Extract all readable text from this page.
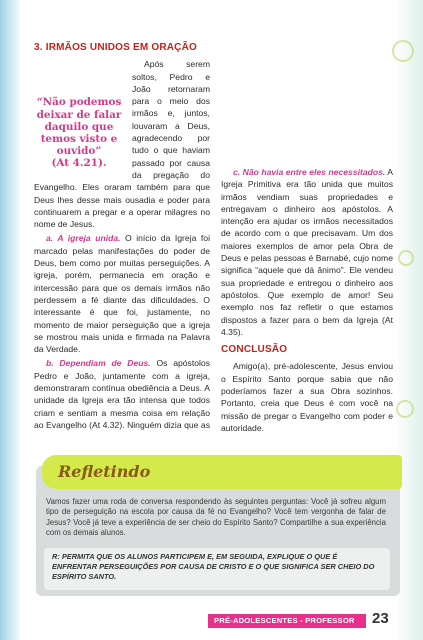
3. IRMÃOS UNIDOS EM ORAÇÃO
“Não podemos deixar de falar daquilo que temos visto e ouvido”
(At 4.21).

Após serem soltos, Pedro e João retornaram para o meio dos irmãos e, juntos, louvaram a Deus, agradecendo por tudo o que haviam passado por causa da pregação do Evangelho. Eles oraram também para que Deus lhes desse mais ousadia e poder para continuarem a pregar e a operar milagres no nome de Jesus.

a. A igreja unida. O início da Igreja foi marcado pelas manifestações do poder de Deus, bem como por muitas perseguições. A igreja, porém, permanecia em oração e intercessão para que os demais irmãos não perdessem a fé diante das dificuldades. O interessante é que foi, justamente, no momento de maior perseguição que a igreja se mostrou mais unida e firmada na Palavra da Verdade.

b. Dependiam de Deus. Os apóstolos Pedro e João, juntamente com a igreja, demonstraram contínua obediência a Deus. A unidade da Igreja era tão intensa que todos criam e sentiam a mesma coisa em relação ao Evangelho (At 4.32). Ninguém dizia que as

c. Não havia entre eles necessitados. A Igreja Primitiva era tão unida que muitos irmãos vendiam suas propriedades e entregavam o dinheiro aos apóstolos. A intenção era ajudar os irmãos necessitados de acordo com o que precisavam. Um dos maiores exemplos de amor pela Obra de Deus e pelas pessoas é Barnabé, cujo nome significa “aquele que dá ânimo”. Ele vendeu sua propriedade e entregou o dinheiro aos apóstolos. Que exemplo de amor! Seu exemplo nos faz refletir o que estamos dispostos a fazer para o bem da Igreja (At 4.35).

CONCLUSÃO

Amigo(a), pré-adolescente, Jesus enviou o Espírito Santo porque sabia que não poderíamos fazer a sua Obra sozinhos. Portanto, creia que Deus é com você na missão de pregar o Evangelho com poder e autoridade.

Refletindo
Vamos fazer uma roda de conversa respondendo às seguintes perguntas: Você já sofreu algum tipo de perseguição na escola por causa da fé no Evangelho? Você tem vergonha de falar de Jesus? Você já teve a experiência de ser cheio do Espírito Santo? Compartilhe a sua experiência com os demais alunos.
R: PERMITA QUE OS ALUNOS PARTICIPEM E, EM SEGUIDA, EXPLIQUE O QUE É ENFRENTAR PERSEGUIÇÕES POR CAUSA DE CRISTO E O QUE SIGNIFICA SER CHEIO DO ESPÍRITO SANTO.
PRÉ-ADOLESCENTES - PROFESSOR 23
